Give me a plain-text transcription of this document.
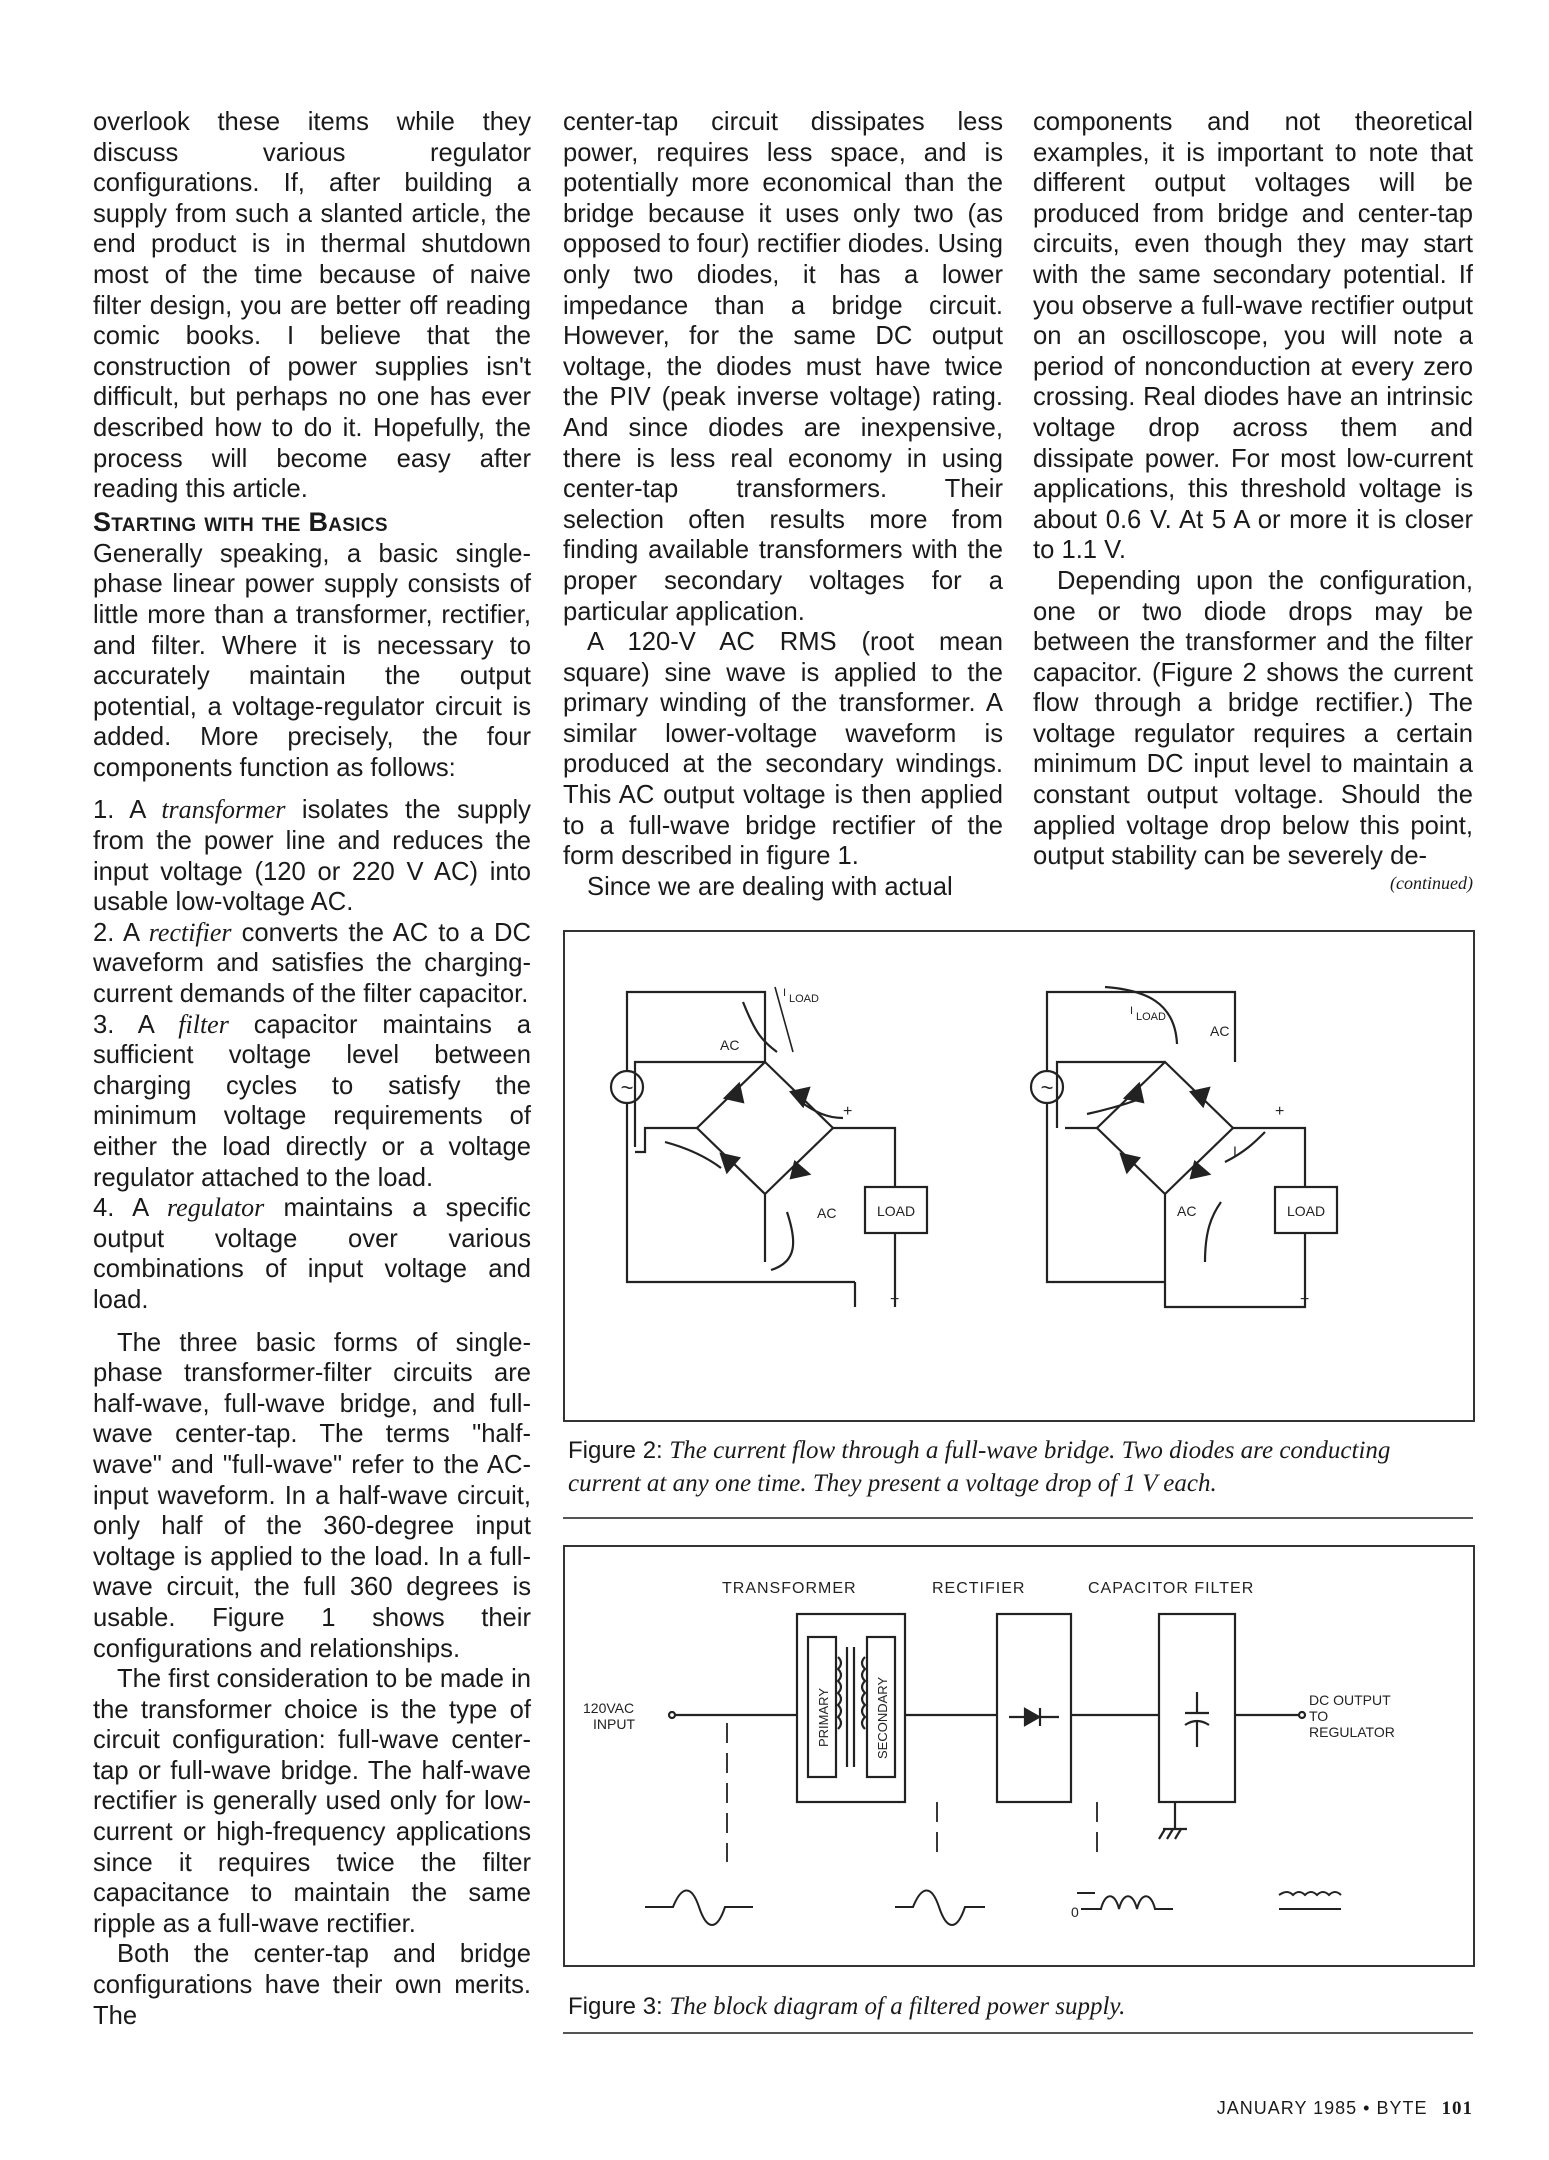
overlook these items while they discuss various regulator configurations. If, after building a supply from such a slanted article, the end product is in thermal shutdown most of the time because of naive filter design, you are better off reading comic books. I believe that the construction of power supplies isn't difficult, but perhaps no one has ever described how to do it. Hopefully, the process will become easy after reading this article.

Starting with the Basics

Generally speaking, a basic single-phase linear power supply consists of little more than a transformer, rectifier, and filter. Where it is necessary to accurately maintain the output potential, a voltage-regulator circuit is added. More precisely, the four components function as follows:

1. A transformer isolates the supply from the power line and reduces the input voltage (120 or 220 V AC) into usable low-voltage AC.

2. A rectifier converts the AC to a DC waveform and satisfies the charging-current demands of the filter capacitor.

3. A filter capacitor maintains a sufficient voltage level between charging cycles to satisfy the minimum voltage requirements of either the load directly or a voltage regulator attached to the load.

4. A regulator maintains a specific output voltage over various combinations of input voltage and load.

The three basic forms of single-phase transformer-filter circuits are half-wave, full-wave bridge, and full-wave center-tap. The terms "half-wave" and "full-wave" refer to the AC-input waveform. In a half-wave circuit, only half of the 360-degree input voltage is applied to the load. In a full-wave circuit, the full 360 degrees is usable. Figure 1 shows their configurations and relationships.

The first consideration to be made in the transformer choice is the type of circuit configuration: full-wave center-tap or full-wave bridge. The half-wave rectifier is generally used only for low-current or high-frequency applications since it requires twice the filter capacitance to maintain the same ripple as a full-wave rectifier.

Both the center-tap and bridge configurations have their own merits. The

center-tap circuit dissipates less power, requires less space, and is potentially more economical than the bridge because it uses only two (as opposed to four) rectifier diodes. Using only two diodes, it has a lower impedance than a bridge circuit. However, for the same DC output voltage, the diodes must have twice the PIV (peak inverse voltage) rating. And since diodes are inexpensive, there is less real economy in using center-tap transformers. Their selection often results more from finding available transformers with the proper secondary voltages for a particular application.

A 120-V AC RMS (root mean square) sine wave is applied to the primary winding of the transformer. A similar lower-voltage waveform is produced at the secondary windings. This AC output voltage is then applied to a full-wave bridge rectifier of the form described in figure 1.

Since we are dealing with actual

components and not theoretical examples, it is important to note that different output voltages will be produced from bridge and center-tap circuits, even though they may start with the same secondary potential. If you observe a full-wave rectifier output on an oscilloscope, you will note a period of nonconduction at every zero crossing. Real diodes have an intrinsic voltage drop across them and dissipate power. For most low-current applications, this threshold voltage is about 0.6 V. At 5 A or more it is closer to 1.1 V.

Depending upon the configuration, one or two diode drops may be between the transformer and the filter capacitor. (Figure 2 shows the current flow through a bridge rectifier.) The voltage regulator requires a certain minimum DC input level to maintain a constant output voltage. Should the applied voltage drop below this point, output stability can be severely de-

(continued)

~
AC
I LOAD
+
AC	LOAD
−
~
I LOAD
AC
+
I
AC	LOAD
−
Figure 2: The current flow through a full-wave bridge. Two diodes are conducting current at any one time. They present a voltage drop of 1 V each.
TRANSFORMER	RECTIFIER	CAPACITOR FILTER
PRIMARY	SECONDARY
120VAC
INPUT
DC OUTPUT
TO
REGULATOR
0
Figure 3: The block diagram of a filtered power supply.
JANUARY 1985 • BYTE 101
